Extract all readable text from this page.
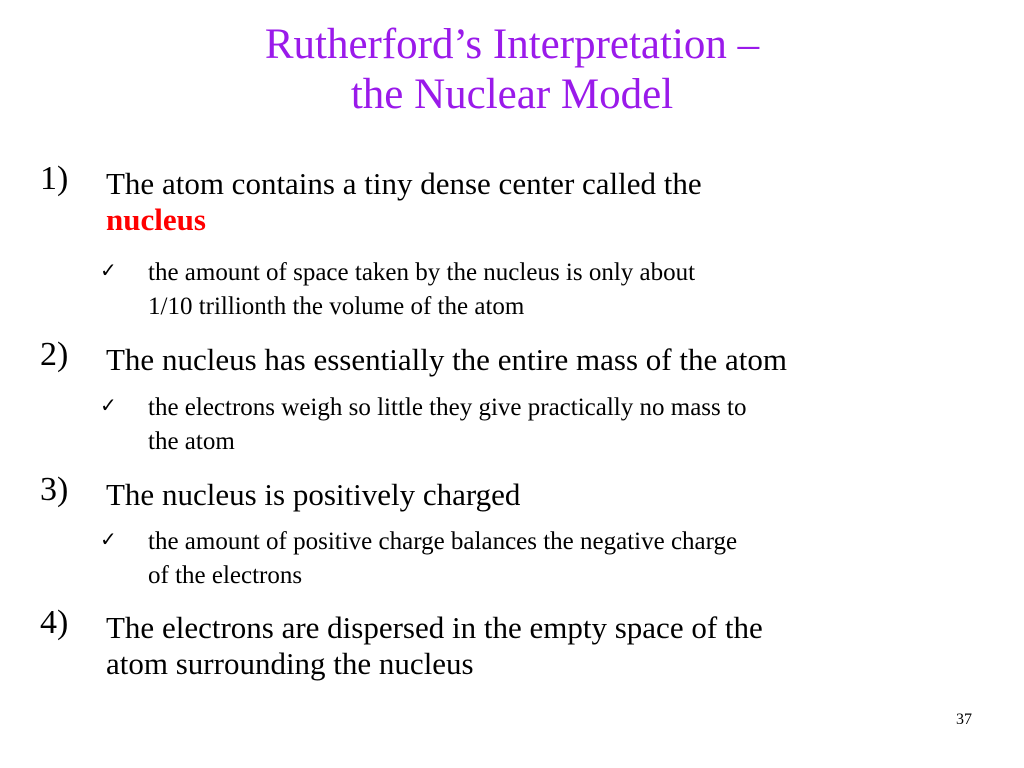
Rutherford’s Interpretation –
the Nuclear Model
1) The atom contains a tiny dense center called the
nucleus
✓ the amount of space taken by the nucleus is only about
1/10 trillionth the volume of the atom
2) The nucleus has essentially the entire mass of the atom
✓ the electrons weigh so little they give practically no mass to
the atom
3) The nucleus is positively charged
✓ the amount of positive charge balances the negative charge
of the electrons
4) The electrons are dispersed in the empty space of the
atom surrounding the nucleus
37
